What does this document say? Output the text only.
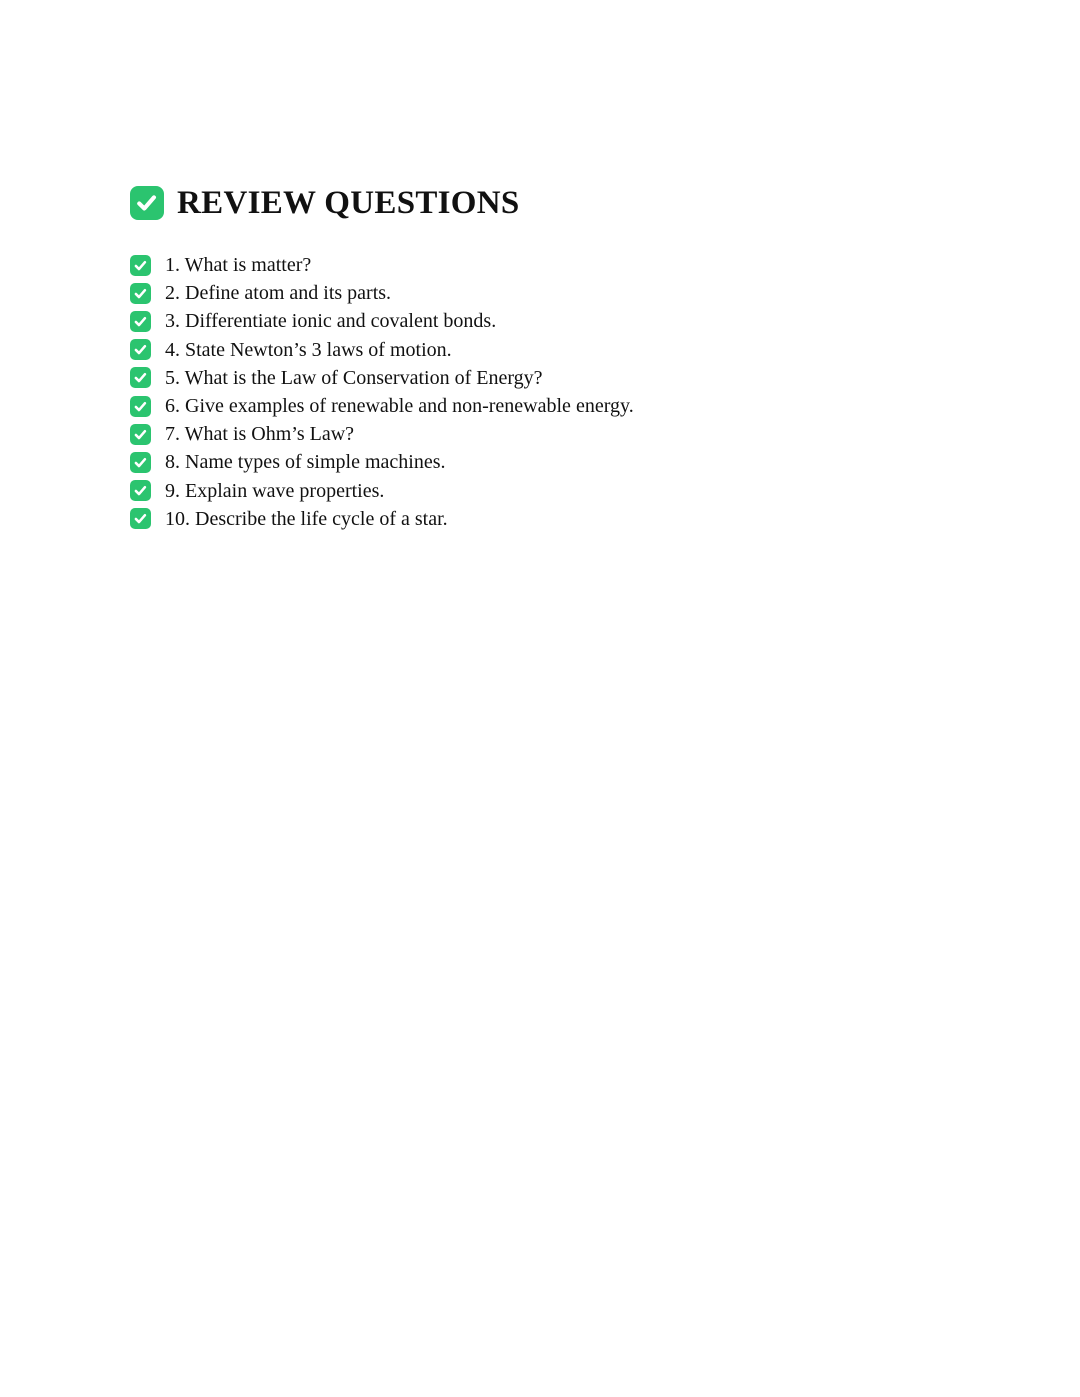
REVIEW QUESTIONS
1. What is matter?
2. Define atom and its parts.
3. Differentiate ionic and covalent bonds.
4. State Newton’s 3 laws of motion.
5. What is the Law of Conservation of Energy?
6. Give examples of renewable and non-renewable energy.
7. What is Ohm’s Law?
8. Name types of simple machines.
9. Explain wave properties.
10. Describe the life cycle of a star.
